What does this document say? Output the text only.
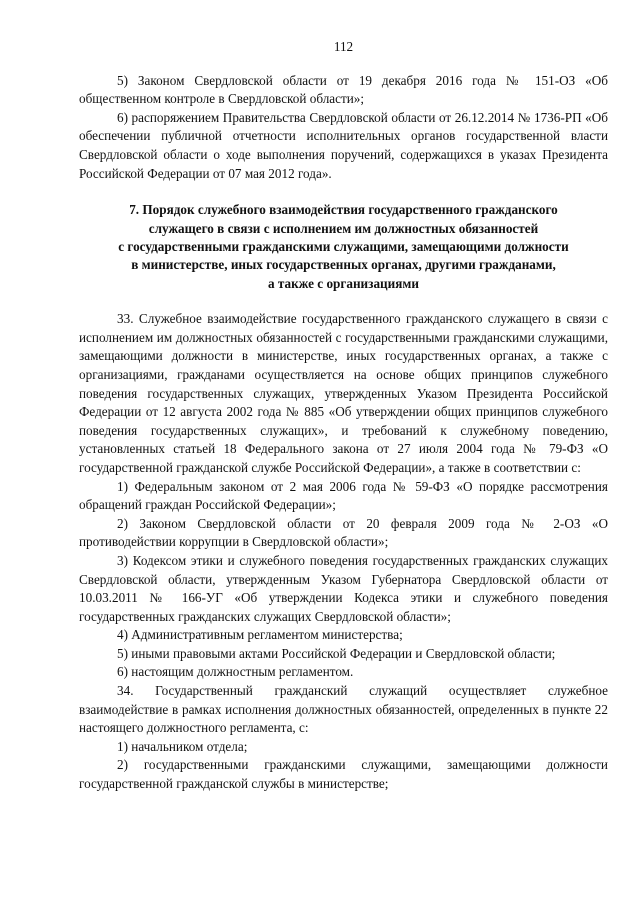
112

5) Законом Свердловской области от 19 декабря 2016 года № 151-ОЗ «Об общественном контроле в Свердловской области»;

6) распоряжением Правительства Свердловской области от 26.12.2014 № 1736-РП «Об обеспечении публичной отчетности исполнительных органов государственной власти Свердловской области о ходе выполнения поручений, содержащихся в указах Президента Российской Федерации от 07 мая 2012 года».

7. Порядок служебного взаимодействия государственного гражданского
служащего в связи с исполнением им должностных обязанностей
с государственными гражданскими служащими, замещающими должности
в министерстве, иных государственных органах, другими гражданами,
а также с организациями

33. Служебное взаимодействие государственного гражданского служащего в связи с исполнением им должностных обязанностей с государственными гражданскими служащими, замещающими должности в министерстве, иных государственных органах, а также с организациями, гражданами осуществляется на основе общих принципов служебного поведения государственных служащих, утвержденных Указом Президента Российской Федерации от 12 августа 2002 года № 885 «Об утверждении общих принципов служебного поведения государственных служащих», и требований к служебному поведению, установленных статьей 18 Федерального закона от 27 июля 2004 года № 79-ФЗ «О государственной гражданской службе Российской Федерации», а также в соответствии с:

1) Федеральным законом от 2 мая 2006 года № 59-ФЗ «О порядке рассмотрения обращений граждан Российской Федерации»;

2) Законом Свердловской области от 20 февраля 2009 года № 2-ОЗ «О противодействии коррупции в Свердловской области»;

3) Кодексом этики и служебного поведения государственных гражданских служащих Свердловской области, утвержденным Указом Губернатора Свердловской области от 10.03.2011 № 166-УГ «Об утверждении Кодекса этики и служебного поведения государственных гражданских служащих Свердловской области»;

4) Административным регламентом министерства;

5) иными правовыми актами Российской Федерации и Свердловской области;

6) настоящим должностным регламентом.

34. Государственный гражданский служащий осуществляет служебное взаимодействие в рамках исполнения должностных обязанностей, определенных в пункте 22 настоящего должностного регламента, с:

1) начальником отдела;

2) государственными гражданскими служащими, замещающими должности государственной гражданской службы в министерстве;
